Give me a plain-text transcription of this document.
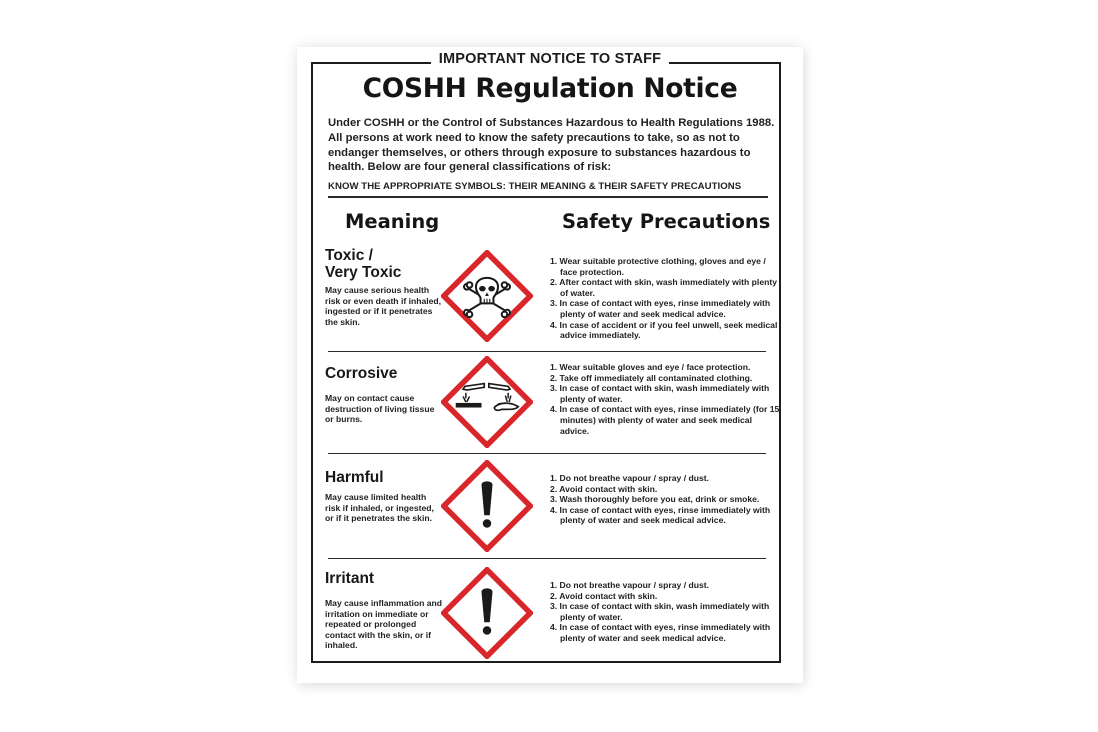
IMPORTANT NOTICE TO STAFF
COSHH Regulation Notice
Under COSHH or the Control of Substances Hazardous to Health Regulations 1988. All persons at work need to know the safety precautions to take, so as not to endanger themselves, or others through exposure to substances hazardous to health. Below are four general classifications of risk:
KNOW THE APPROPRIATE SYMBOLS: THEIR MEANING & THEIR SAFETY PRECAUTIONS
Meaning	Safety Precautions
Toxic /
Very Toxic
May cause serious health risk or even death if inhaled, ingested or if it penetrates the skin.
1. Wear suitable protective clothing, gloves and eye / face protection.
2. After contact with skin, wash immediately with plenty of water.
3. In case of contact with eyes, rinse immediately with plenty of water and seek medical advice.
4. In case of accident or if you feel unwell, seek medical advice immediately.
Corrosive
May on contact cause destruction of living tissue or burns.
1. Wear suitable gloves and eye / face protection.
2. Take off immediately all contaminated clothing.
3. In case of contact with skin, wash immediately with plenty of water.
4. In case of contact with eyes, rinse immediately (for 15 minutes) with plenty of water and seek medical advice.
Harmful
May cause limited health risk if inhaled, or ingested, or if it penetrates the skin.
1. Do not breathe vapour / spray / dust.
2. Avoid contact with skin.
3. Wash thoroughly before you eat, drink or smoke.
4. In case of contact with eyes, rinse immediately with plenty of water and seek medical advice.
Irritant
May cause inflammation and irritation on immediate or repeated or prolonged contact with the skin, or if inhaled.
1. Do not breathe vapour / spray / dust.
2. Avoid contact with skin.
3. In case of contact with skin, wash immediately with plenty of water.
4. In case of contact with eyes, rinse immediately with plenty of water and seek medical advice.
